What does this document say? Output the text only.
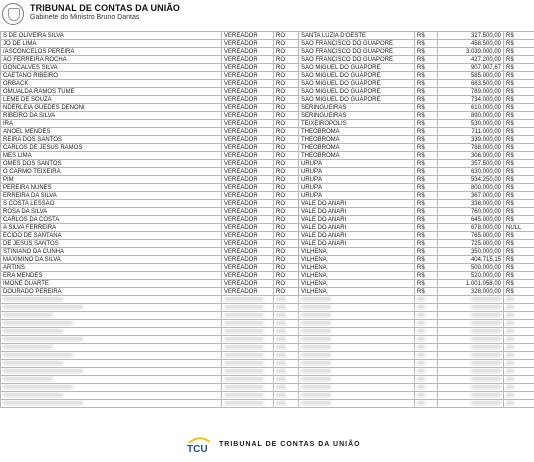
TRIBUNAL DE CONTAS DA UNIÃO
Gabinete do Ministro Bruno Dantas
S DE OLIVEIRA SILVA	VEREADOR	RO	SANTA LUZIA D'OESTE	R$	327.500,00	R$
JO DE LIMA	VEREADOR	RO	SÃO FRANCISCO DO GUAPORÉ	R$	458.500,00	R$
/ASCONCELOS PEREIRA	VEREADOR	RO	SÃO FRANCISCO DO GUAPORÉ	R$	3.039.000,00	R$
AO FERREIRA ROCHA	VEREADOR	RO	SÃO FRANCISCO DO GUAPORÉ	R$	427.200,00	R$
GONCALVES SILVA	VEREADOR	RO	SÃO MIGUEL DO GUAPORÉ	R$	907.907,67	R$
CAETANO RIBEIRO	VEREADOR	RO	SÃO MIGUEL DO GUAPORÉ	R$	585.000,00	R$
ORBACK	VEREADOR	RO	SÃO MIGUEL DO GUAPORÉ	R$	683.500,00	R$
OMUALDA RAMOS TUME	VEREADOR	RO	SÃO MIGUEL DO GUAPORÉ	R$	789.000,00	R$
LEME DE SOUZA	VEREADOR	RO	SÃO MIGUEL DO GUAPORÉ	R$	734.000,00	R$
NDERLEIA GUEDES DENONI	VEREADOR	RO	SERINGUEIRAS	R$	610.000,00	R$
RIBEIRO DA SILVA	VEREADOR	RO	SERINGUEIRAS	R$	890.000,00	R$
IRA	VEREADOR	RO	TEIXEIRÓPOLIS	R$	530.000,00	R$
ANOEL MENDES	VEREADOR	RO	THEOBROMA	R$	711.000,00	R$
REIRA DOS SANTOS	VEREADOR	RO	THEOBROMA	R$	339.000,00	R$
CARLOS DE JESUS RAMOS	VEREADOR	RO	THEOBROMA	R$	788.000,00	R$
MES LIMA	VEREADOR	RO	THEOBROMA	R$	306.000,00	R$
OMES DOS SANTOS	VEREADOR	RO	URUPÁ	R$	357.500,00	R$
O CARMO TEIXEIRA	VEREADOR	RO	URUPÁ	R$	630.000,00	R$
PIM	VEREADOR	RO	URUPÁ	R$	534.250,00	R$
PEREIRA NUNES	VEREADOR	RO	URUPÁ	R$	800.000,00	R$
ERREIRA DA SILVA	VEREADOR	RO	URUPÁ	R$	367.000,00	R$
S COSTA LESSÃO	VEREADOR	RO	VALE DO ANARI	R$	338.000,00	R$
ROSA DA SILVA	VEREADOR	RO	VALE DO ANARI	R$	760.000,00	R$
CARLOS DA COSTA	VEREADOR	RO	VALE DO ANARI	R$	645.000,00	R$
A SILVA FERREIRA	VEREADOR	RO	VALE DO ANARI	R$	678.000,00	NULL
ECIDO DE SANTANA	VEREADOR	RO	VALE DO ANARI	R$	765.000,00	R$
DE JESUS SANTOS	VEREADOR	RO	VALE DO ANARI	R$	725.000,00	R$
STINIANO DA CUNHA	VEREADOR	RO	VILHENA	R$	350.000,00	R$
MAXIMINO DA SILVA	VEREADOR	RO	VILHENA	R$	404.715,15	R$
ARTINS	VEREADOR	RO	VILHENA	R$	500.000,00	R$
ERA MENDES	VEREADOR	RO	VILHENA	R$	520.000,00	R$
IMONE DUARTE	VEREADOR	RO	VILHENA	R$	1.001.058,00	R$
DOURADO PEREIRA	VEREADOR	RO	VILHENA	R$	328.000,00	R$

TCU TRIBUNAL DE CONTAS DA UNIÃO
